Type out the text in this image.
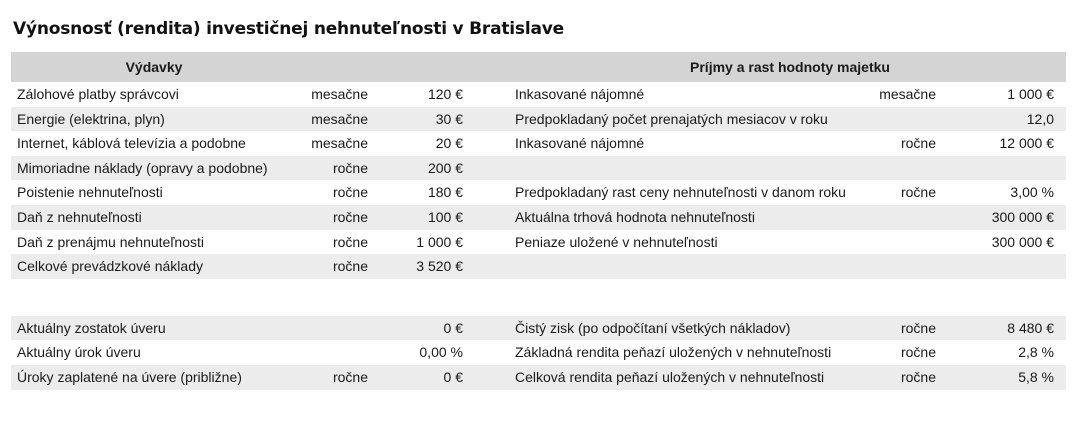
Výnosnosť (rendita) investičnej nehnuteľnosti v Bratislave
Výdavky	Príjmy a rast hodnoty majetku
Zálohové platby správcovi	mesačne	120 €	Inkasované nájomné	mesačne	1 000 €
Energie (elektrina, plyn)	mesačne	30 €	Predpokladaný počet prenajatých mesiacov v roku	12,0
Internet, káblová televízia a podobne	mesačne	20 €	Inkasované nájomné	ročne	12 000 €
Mimoriadne náklady (opravy a podobne)	ročne	200 €
Poistenie nehnuteľnosti	ročne	180 €	Predpokladaný rast ceny nehnuteľnosti v danom roku	ročne	3,00 %
Daň z nehnuteľnosti	ročne	100 €	Aktuálna trhová hodnota nehnuteľnosti	300 000 €
Daň z prenájmu nehnuteľnosti	ročne	1 000 €	Peniaze uložené v nehnuteľnosti	300 000 €
Celkové prevádzkové náklady	ročne	3 520 €
Aktuálny zostatok úveru	0 €	Čistý zisk (po odpočítaní všetkých nákladov)	ročne	8 480 €
Aktuálny úrok úveru	0,00 %	Základná rendita peňazí uložených v nehnuteľnosti	ročne	2,8 %
Úroky zaplatené na úvere (približne)	ročne	0 €	Celková rendita peňazí uložených v nehnuteľnosti	ročne	5,8 %
